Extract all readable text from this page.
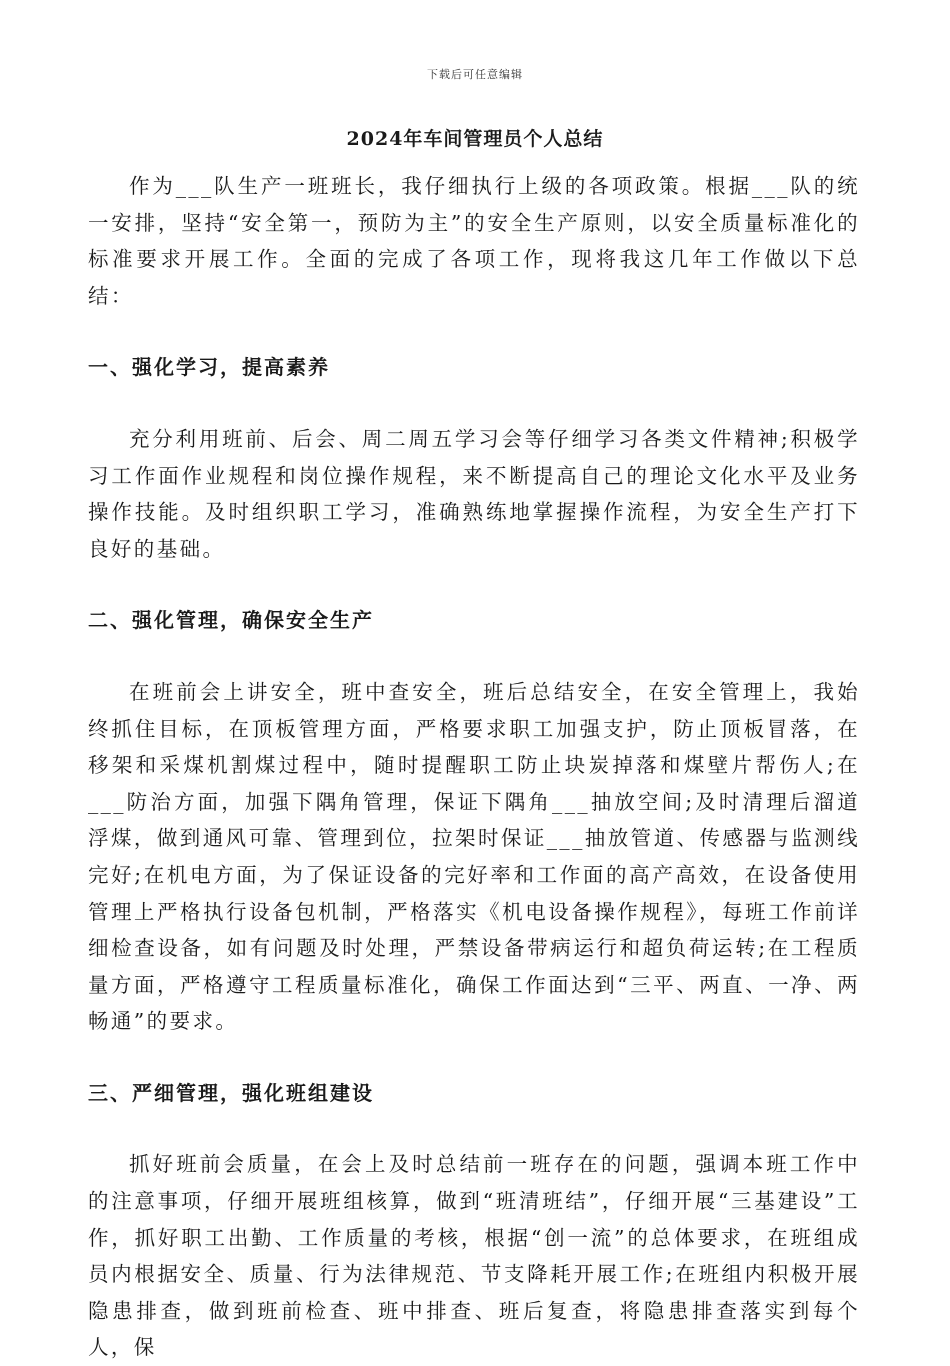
下载后可任意编辑
2024年车间管理员个人总结

作为___队生产一班班长，我仔细执行上级的各项政策。根据___队的统一安排，坚持“安全第一，预防为主”的安全生产原则，以安全质量标准化的标准要求开展工作。全面的完成了各项工作，现将我这几年工作做以下总结：

一、强化学习，提高素养

充分利用班前、后会、周二周五学习会等仔细学习各类文件精神;积极学习工作面作业规程和岗位操作规程，来不断提高自己的理论文化水平及业务操作技能。及时组织职工学习，准确熟练地掌握操作流程，为安全生产打下良好的基础。

二、强化管理，确保安全生产

在班前会上讲安全，班中查安全，班后总结安全，在安全管理上，我始终抓住目标，在顶板管理方面，严格要求职工加强支护，防止顶板冒落，在移架和采煤机割煤过程中，随时提醒职工防止块炭掉落和煤壁片帮伤人;在___防治方面，加强下隅角管理，保证下隅角___抽放空间;及时清理后溜道浮煤，做到通风可靠、管理到位，拉架时保证___抽放管道、传感器与监测线完好;在机电方面，为了保证设备的完好率和工作面的高产高效，在设备使用管理上严格执行设备包机制，严格落实《机电设备操作规程》，每班工作前详细检查设备，如有问题及时处理，严禁设备带病运行和超负荷运转;在工程质量方面，严格遵守工程质量标准化，确保工作面达到“三平、两直、一净、两畅通”的要求。

三、严细管理，强化班组建设

抓好班前会质量，在会上及时总结前一班存在的问题，强调本班工作中的注意事项，仔细开展班组核算，做到“班清班结”，仔细开展“三基建设”工作，抓好职工出勤、工作质量的考核，根据“创一流”的总体要求，在班组成员内根据安全、质量、行为法律规范、节支降耗开展工作;在班组内积极开展隐患排查，做到班前检查、班中排查、班后复查，将隐患排查落实到每个人，保
